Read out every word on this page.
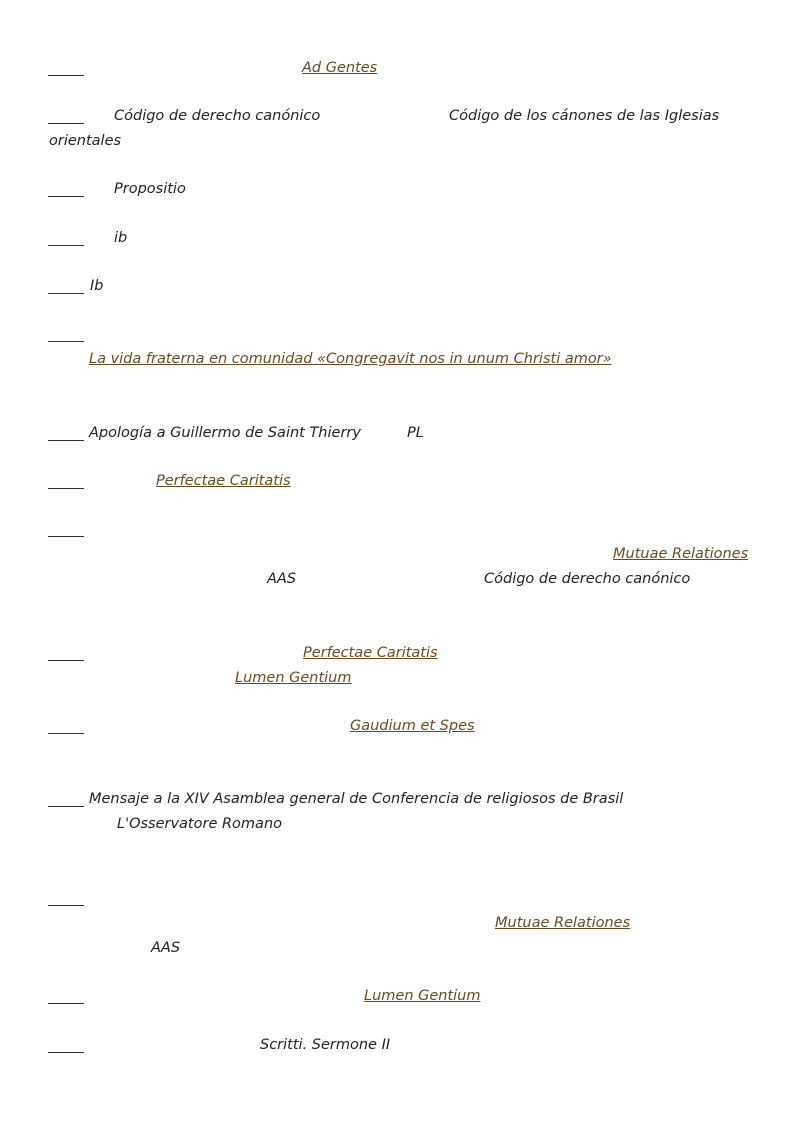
Ad Gentes
Código de derecho canónico	Código de los cánones de las Iglesias
orientales
Propositio
ib
Ib
La vida fraterna en comunidad «Congregavit nos in unum Christi amor»
Apología a Guillermo de Saint Thierry	PL
Perfectae Caritatis
Mutuae Relationes
AAS	Código de derecho canónico
Perfectae Caritatis
Lumen Gentium
Gaudium et Spes
Mensaje a la XIV Asamblea general de Conferencia de religiosos de Brasil
L'Osservatore Romano
Mutuae Relationes
AAS
Lumen Gentium
Scritti. Sermone II
